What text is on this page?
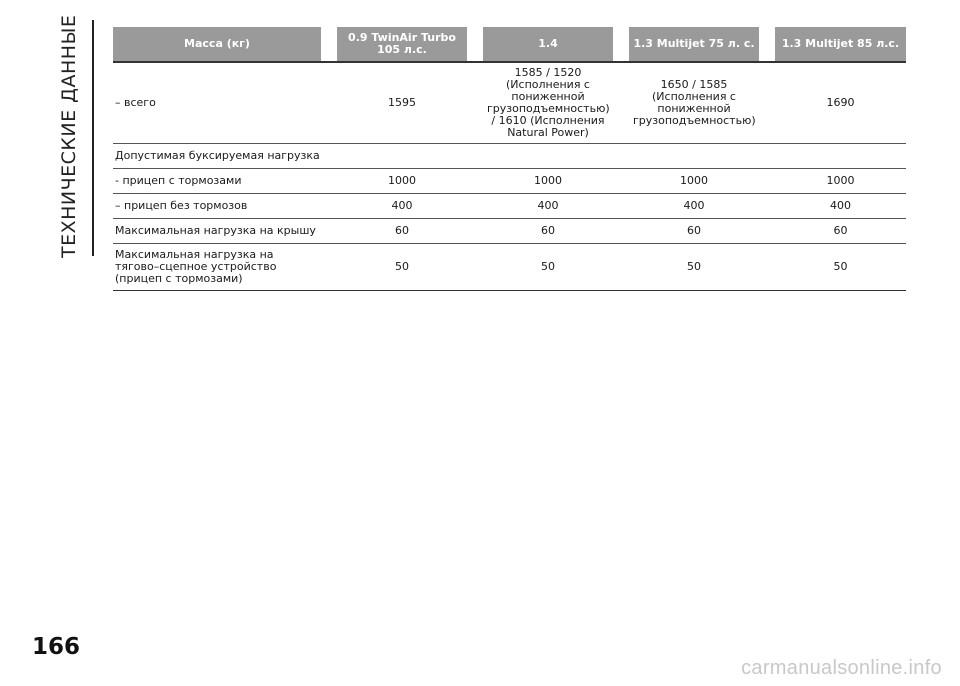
ТЕХНИЧЕСКИЕ ДАННЫЕ	Масса (кг)		0.9 TwinAir Turbo 105 л.с.		1.4		1.3 Multijet 75 л. с.		1.3 Multijet 85 л.с.
– всего		1595		1585 / 1520 (Исполнения с пониженной грузоподъемностью) / 1610 (Исполнения Natural Power)		1650 / 1585 (Исполнения с пониженной грузоподъемностью)		1690
Допустимая буксируемая нагрузка								
- прицеп с тормозами		1000		1000		1000		1000
– прицеп без тормозов		400		400		400		400
Максимальная нагрузка на крышу		60		60		60		60
Максимальная нагрузка на тягово–сцепное устройство (прицеп с тормозами)		50		50		50		50
166
carmanualsonline.info
